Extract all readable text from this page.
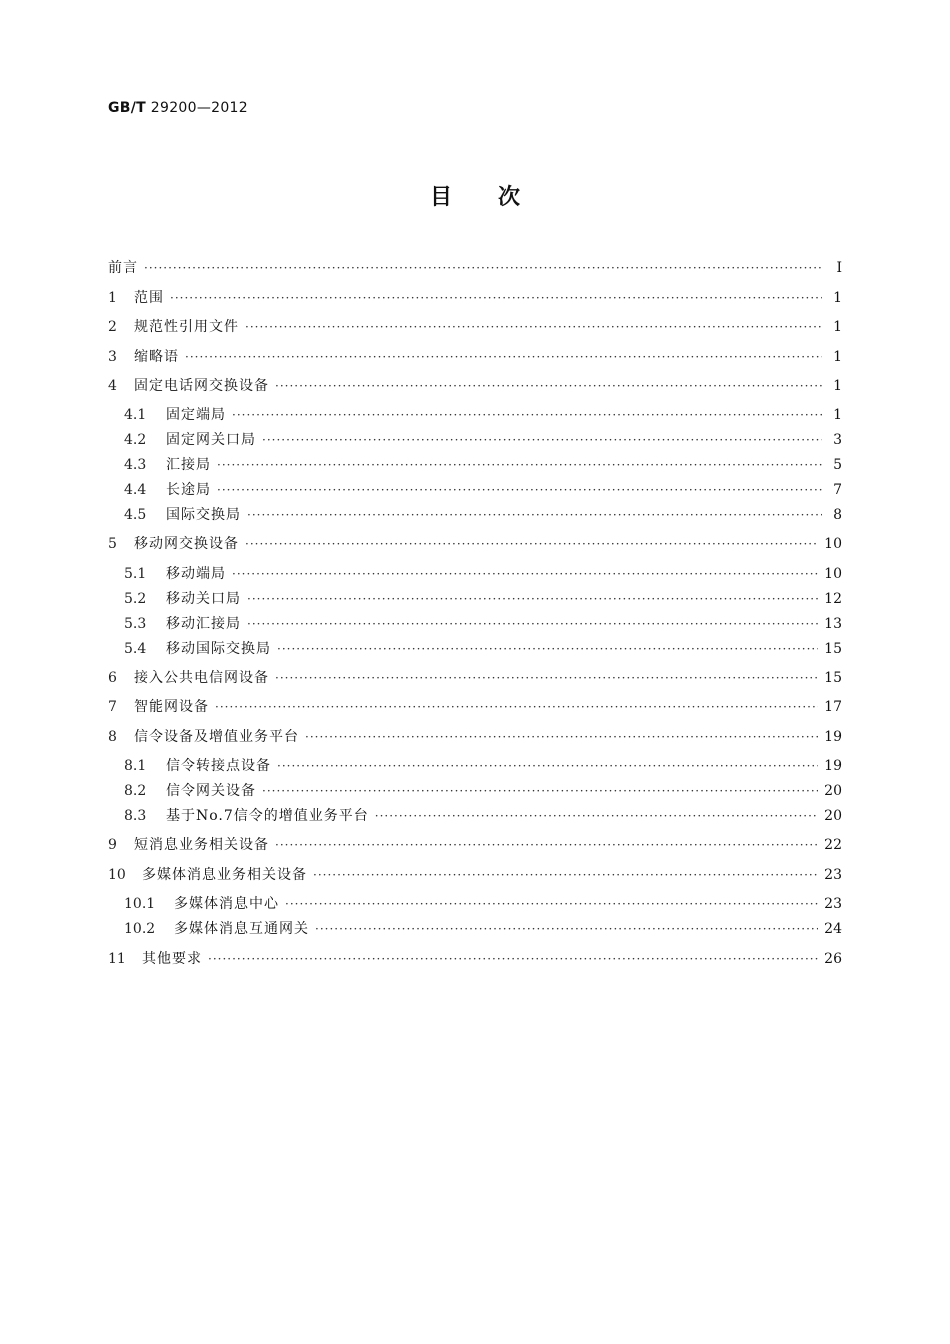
GB/T 29200—2012
目次
前言 ·····	Ⅰ
1	范围 ·····	1
2	规范性引用文件 ·····	1
3	缩略语 ·····	1
4	固定电话网交换设备 ·····	1
4.1	固定端局 ·····	1
4.2	固定网关口局 ·····	3
4.3	汇接局 ·····	5
4.4	长途局 ·····	7
4.5	国际交换局 ·····	8
5	移动网交换设备 ·····	10
5.1	移动端局 ·····	10
5.2	移动关口局 ·····	12
5.3	移动汇接局 ·····	13
5.4	移动国际交换局 ·····	15
6	接入公共电信网设备 ·····	15
7	智能网设备 ·····	17
8	信令设备及增值业务平台 ·····	19
8.1	信令转接点设备 ·····	19
8.2	信令网关设备 ·····	20
8.3	基于No.7信令的增值业务平台 ·····	20
9	短消息业务相关设备 ·····	22
10	多媒体消息业务相关设备 ·····	23
10.1	多媒体消息中心 ·····	23
10.2	多媒体消息互通网关 ·····	24
11	其他要求 ·····	26
